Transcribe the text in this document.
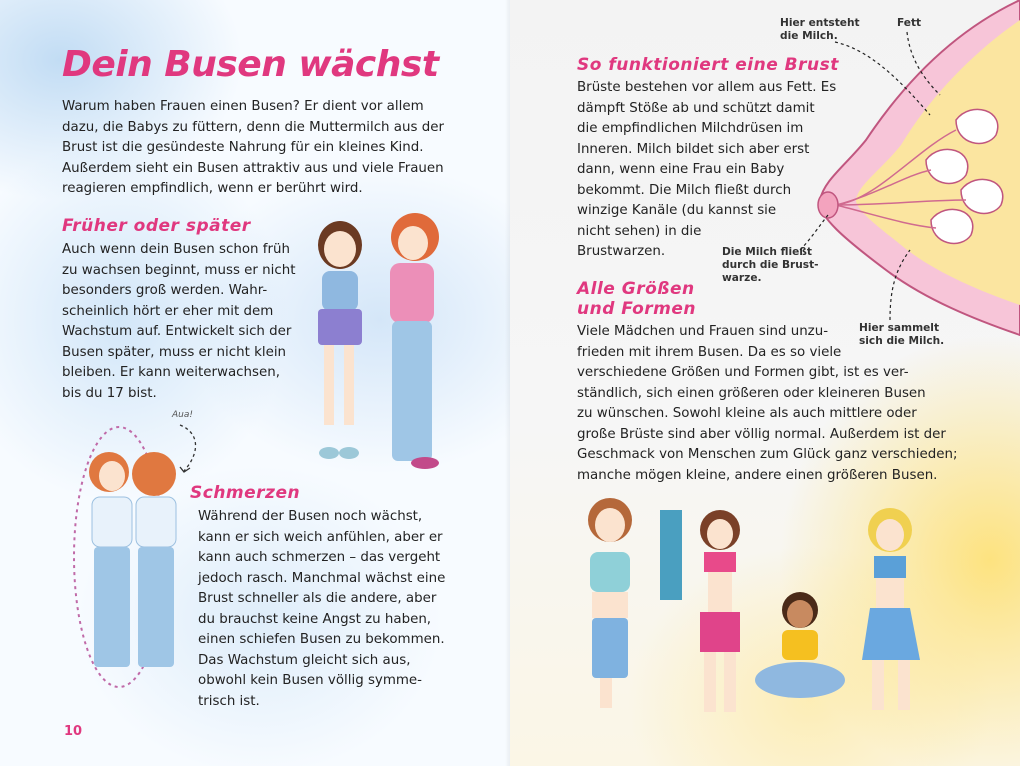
Dein Busen wächst

Warum haben Frauen einen Busen? Er dient vor allem
dazu, die Babys zu füttern, denn die Muttermilch aus der
Brust ist die gesündeste Nahrung für ein kleines Kind.
Außerdem sieht ein Busen attraktiv aus und viele Frauen
reagieren empfindlich, wenn er berührt wird.

Früher oder später

Auch wenn dein Busen schon früh
zu wachsen beginnt, muss er nicht
besonders groß werden. Wahr-
scheinlich hört er eher mit dem
Wachstum auf. Entwickelt sich der
Busen später, muss er nicht klein
bleiben. Er kann weiterwachsen,
bis du 17 bist.

Aua!
Schmerzen

Während der Busen noch wächst,
kann er sich weich anfühlen, aber er
kann auch schmerzen – das vergeht
jedoch rasch. Manchmal wächst eine
Brust schneller als die andere, aber
du brauchst keine Angst zu haben,
einen schiefen Busen zu bekommen.
Das Wachstum gleicht sich aus,
obwohl kein Busen völlig symme-
trisch ist.

10
So funktioniert eine Brust

Brüste bestehen vor allem aus Fett. Es
dämpft Stöße ab und schützt damit
die empfindlichen Milchdrüsen im
Inneren. Milch bildet sich aber erst
dann, wenn eine Frau ein Baby
bekommt. Die Milch fließt durch
winzige Kanäle (du kannst sie
nicht sehen) in die
Brustwarzen.

Hier entsteht
die Milch.
Fett
Die Milch fließt
durch die Brust-
warze.
Hier sammelt
sich die Milch.
Alle Größen und Formen

Viele Mädchen und Frauen sind unzu-
frieden mit ihrem Busen. Da es so viele
verschiedene Größen und Formen gibt, ist es ver-
ständlich, sich einen größeren oder kleineren Busen
zu wünschen. Sowohl kleine als auch mittlere oder
große Brüste sind aber völlig normal. Außerdem ist der
Geschmack von Menschen zum Glück ganz verschieden;
manche mögen kleine, andere einen größeren Busen.
